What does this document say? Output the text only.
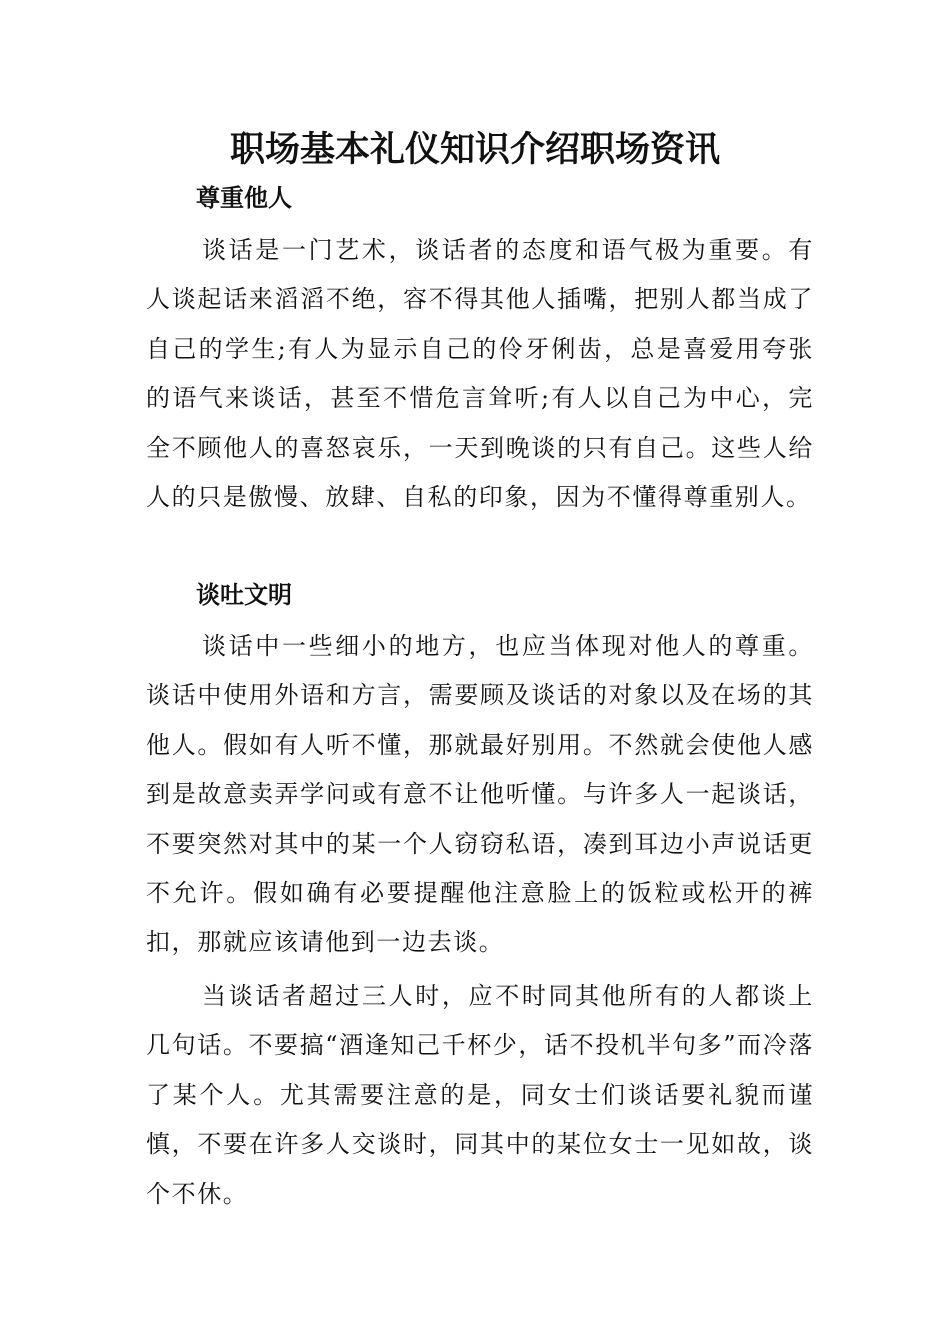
职场基本礼仪知识介绍职场资讯
尊重他人

谈话是一门艺术，谈话者的态度和语气极为重要。有人谈起话来滔滔不绝，容不得其他人插嘴，把别人都当成了自己的学生;有人为显示自己的伶牙俐齿，总是喜爱用夸张的语气来谈话，甚至不惜危言耸听;有人以自己为中心，完全不顾他人的喜怒哀乐，一天到晚谈的只有自己。这些人给人的只是傲慢、放肆、自私的印象，因为不懂得尊重别人。

谈吐文明

谈话中一些细小的地方，也应当体现对他人的尊重。谈话中使用外语和方言，需要顾及谈话的对象以及在场的其他人。假如有人听不懂，那就最好别用。不然就会使他人感到是故意卖弄学问或有意不让他听懂。与许多人一起谈话，不要突然对其中的某一个人窃窃私语，凑到耳边小声说话更不允许。假如确有必要提醒他注意脸上的饭粒或松开的裤扣，那就应该请他到一边去谈。

当谈话者超过三人时，应不时同其他所有的人都谈上几句话。不要搞“酒逢知己千杯少，话不投机半句多”而冷落了某个人。尤其需要注意的是，同女士们谈话要礼貌而谨慎，不要在许多人交谈时，同其中的某位女士一见如故，谈个不休。
